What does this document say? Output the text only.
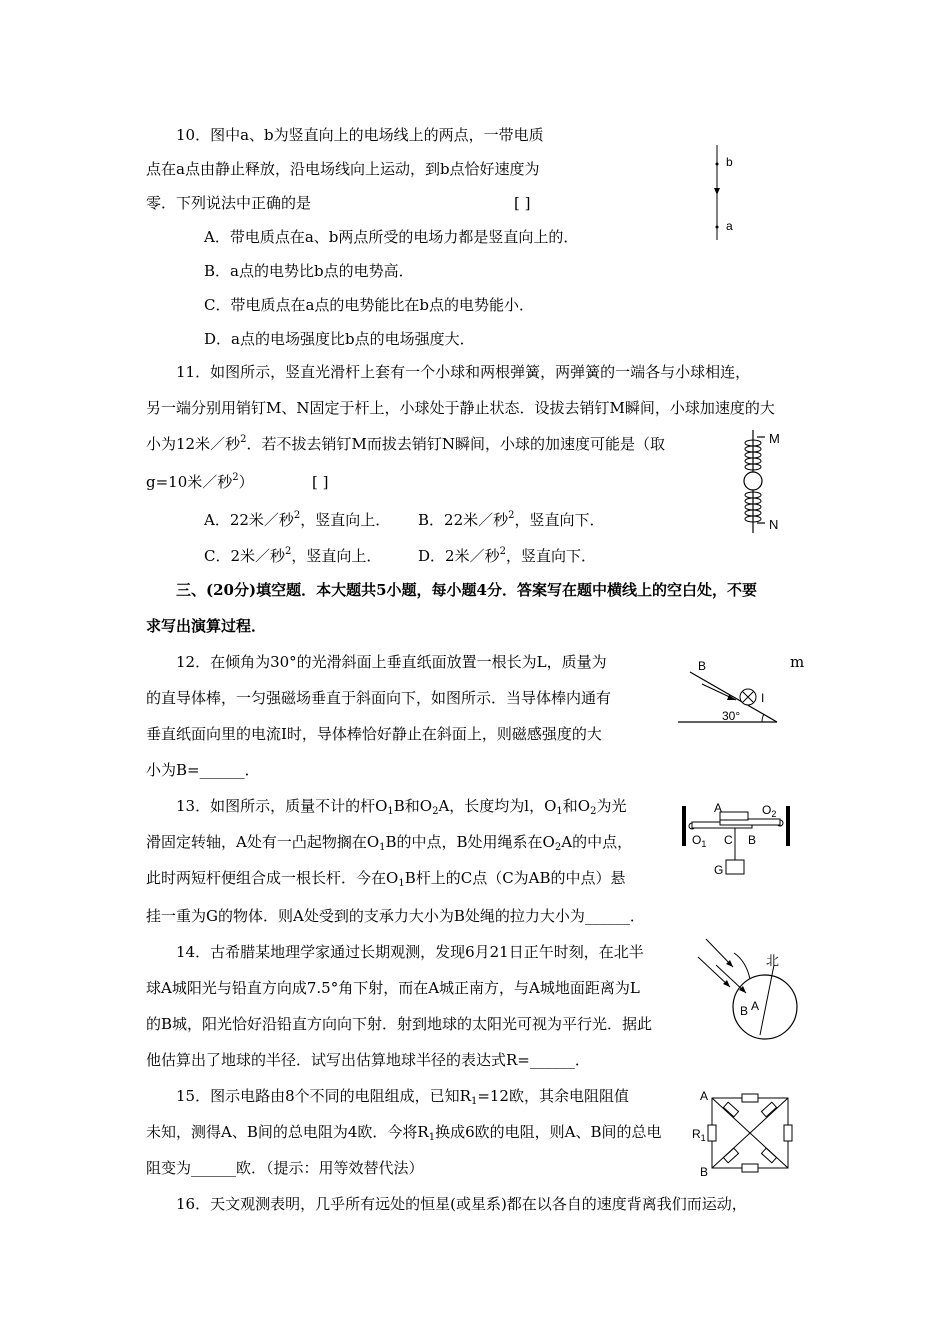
10．图中a、b为竖直向上的电场线上的两点，一带电质
点在a点由静止释放，沿电场线向上运动，到b点恰好速度为
零．下列说法中正确的是	[ ]
A．带电质点在a、b两点所受的电场力都是竖直向上的．
B．a点的电势比b点的电势高．
C．带电质点在a点的电势能比在b点的电势能小．
D．a点的电场强度比b点的电场强度大．
b
a
11．如图所示，竖直光滑杆上套有一个小球和两根弹簧，两弹簧的一端各与小球相连，
另一端分别用销钉M、N固定于杆上，小球处于静止状态．设拔去销钉M瞬间，小球加速度的大
小为12米／秒$^2$．若不拔去销钉M而拔去销钉N瞬间，小球的加速度可能是（取
g=10米／秒$^2$）	[ ]
A．22米／秒$^2$，竖直向上． B．22米／秒$^2$，竖直向下．
C．2米／秒$^2$，竖直向上． D．2米／秒$^2$，竖直向下．
M
N
三、(20分)填空题．本大题共5小题，每小题4分．答案写在题中横线上的空白处，不要
求写出演算过程．
12．在倾角为30°的光滑斜面上垂直纸面放置一根长为L，质量为	m
的直导体棒，一匀强磁场垂直于斜面向下，如图所示．当导体棒内通有
垂直纸面向里的电流I时，导体棒恰好静止在斜面上，则磁感强度的大
小为B=______．
B
I
30°
13．如图所示，质量不计的杆$O_1B$和$O_2A$，长度均为l，$O_1$和$O_2$为光
滑固定转轴，A处有一凸起物搁在$O_1B$的中点，B处用绳系在$O_2A$的中点，
此时两短杆便组合成一根长杆．今在$O_1B$杆上的C点（C为AB的中点）悬
挂一重为G的物体．则A处受到的支承力大小为B处绳的拉力大小为______．
A	$O_2$
$O_1$ C B
G
14．古希腊某地理学家通过长期观测，发现6月21日正午时刻，在北半
球A城阳光与铅直方向成7.5°角下射，而在A城正南方，与A城地面距离为L
的B城，阳光恰好沿铅直方向向下射．射到地球的太阳光可视为平行光．据此
他估算出了地球的半径．试写出估算地球半径的表达式R=______．
北
A
B
15．图示电路由8个不同的电阻组成，已知$R_1=12$欧，其余电阻阻值
未知，测得A、B间的总电阻为4欧．今将$R_1$换成6欧的电阻，则A、B间的总电
阻变为______欧．（提示：用等效替代法）
A
B
$R_1$
16．天文观测表明，几乎所有远处的恒星(或星系)都在以各自的速度背离我们而运动，
